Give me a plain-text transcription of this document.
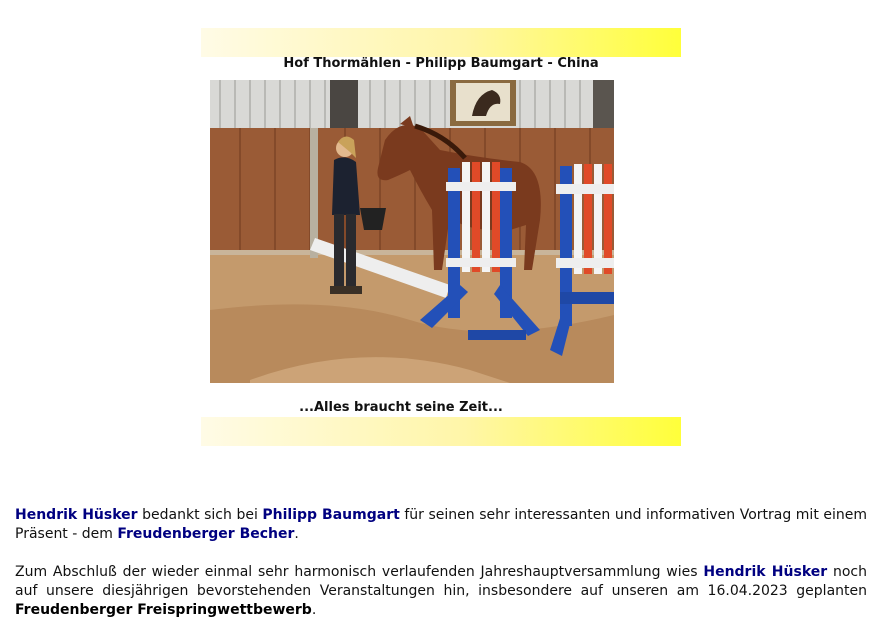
Hof Thormählen - Philipp Baumgart - China
...Alles braucht seine Zeit...

Hendrik Hüsker bedankt sich bei Philipp Baumgart für seinen sehr interessanten und informativen Vortrag mit einem Präsent - dem Freudenberger Becher.

Zum Abschluß der wieder einmal sehr harmonisch verlaufenden Jahreshauptversammlung wies Hendrik Hüsker noch auf unsere diesjährigen bevorstehenden Veranstaltungen hin, insbesondere auf unseren am 16.04.2023 geplanten Freudenberger Freispringwettbewerb.
